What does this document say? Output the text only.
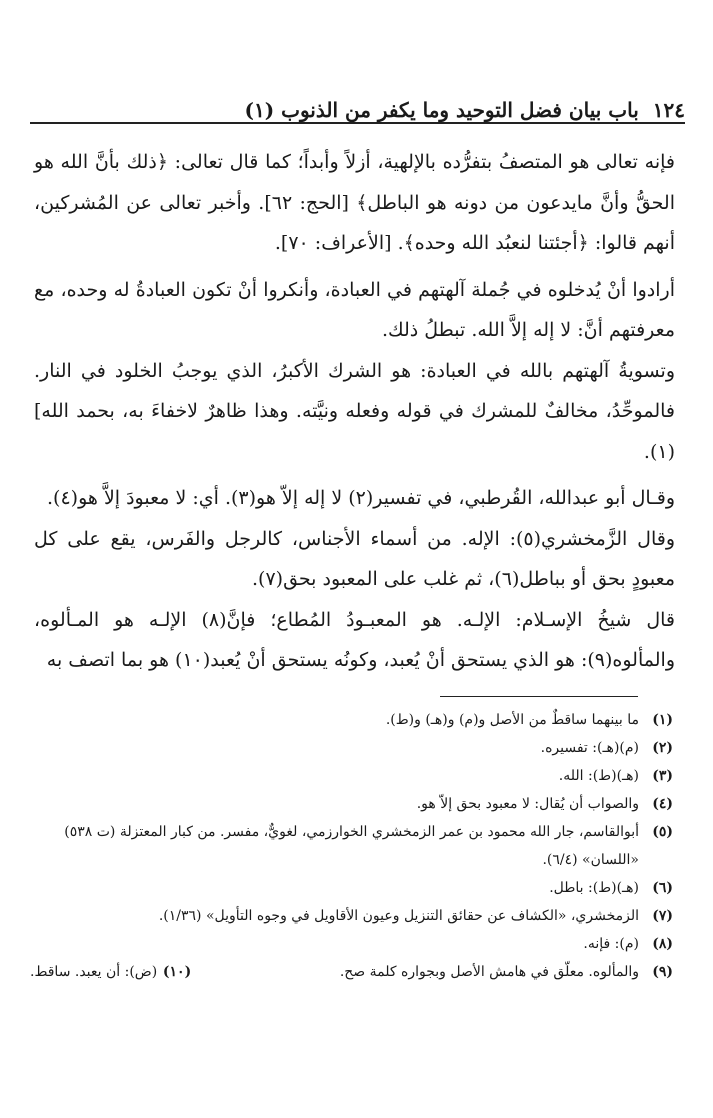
١٢٤
باب بيان فضل التوحيد وما يكفر من الذنوب (١)

فإنه تعالى هو المتصفُ بتفرُّده بالإلهية، أزلاً وأبداً؛ كما قال تعالى: ﴿ذلك بأنَّ الله هو الحقُّ وأنَّ مايدعون من دونه هو الباطل﴾ [الحج: ٦٢]. وأخبر تعالى عن المُشركين، أنهم قالوا: ﴿أجئتنا لنعبُد الله وحده﴾. [الأعراف: ٧٠].

أرادوا أنْ يُدخلوه في جُملة آلهتهم في العبادة، وأنكروا أنْ تكون العبادةُ له وحده، مع معرفتهم أنَّ: لا إله إلاَّ الله. تبطلُ ذلك.

وتسويةُ آلهتهم بالله في العبادة: هو الشرك الأكبرُ، الذي يوجبُ الخلود في النار. فالموحِّدُ، مخالفٌ للمشرك في قوله وفعله ونيَّته. وهذا ظاهرٌ لاخفاءَ به، بحمد الله](١).

وقـال أبو عبدالله، القُرطبي، في تفسير(٢) لا إله إلاّ هو(٣). أي: لا معبودَ إلاَّ هو(٤).

وقال الزَّمخشري(٥): الإله. من أسماء الأجناس، كالرجل والفَرس، يقع على كل معبودٍ بحق أو بباطل(٦)، ثم غلب على المعبود بحق(٧).

قال شيخُ الإسـلام: الإلـه. هو المعبـودُ المُطاع؛ فإنَّ(٨) الإلـه هو المـألوه، والمألوه(٩): هو الذي يستحق أنْ يُعبد، وكونُه يستحق أنْ يُعبد(١٠) هو بما اتصف به

(١)
ما بينهما ساقطٌ من الأصل و(م) و(هـ) و(ط).
(٢)
(م)(هـ): تفسيره.
(٣)
(هـ)(ط): الله.
(٤)
والصواب أن يُقال: لا معبود بحق إلاّ هو.
(٥)
أبوالقاسم، جار الله محمود بن عمر الزمخشري الخوارزمي، لغويٌّ، مفسر. من كبار المعتزلة (ت ٥٣٨) «اللسان» (٦/٤).
(٦)
(هـ)(ط): باطل.
(٧)
الزمخشري، «الكشاف عن حقائق التنزيل وعيون الأقاويل في وجوه التأويل» (١/٣٦).
(٨)
(م): فإنه.
(٩)
والمألوه. معلّق في هامش الأصل وبجواره كلمة صح.
(١٠)
(ض): أن يعبد. ساقط.
